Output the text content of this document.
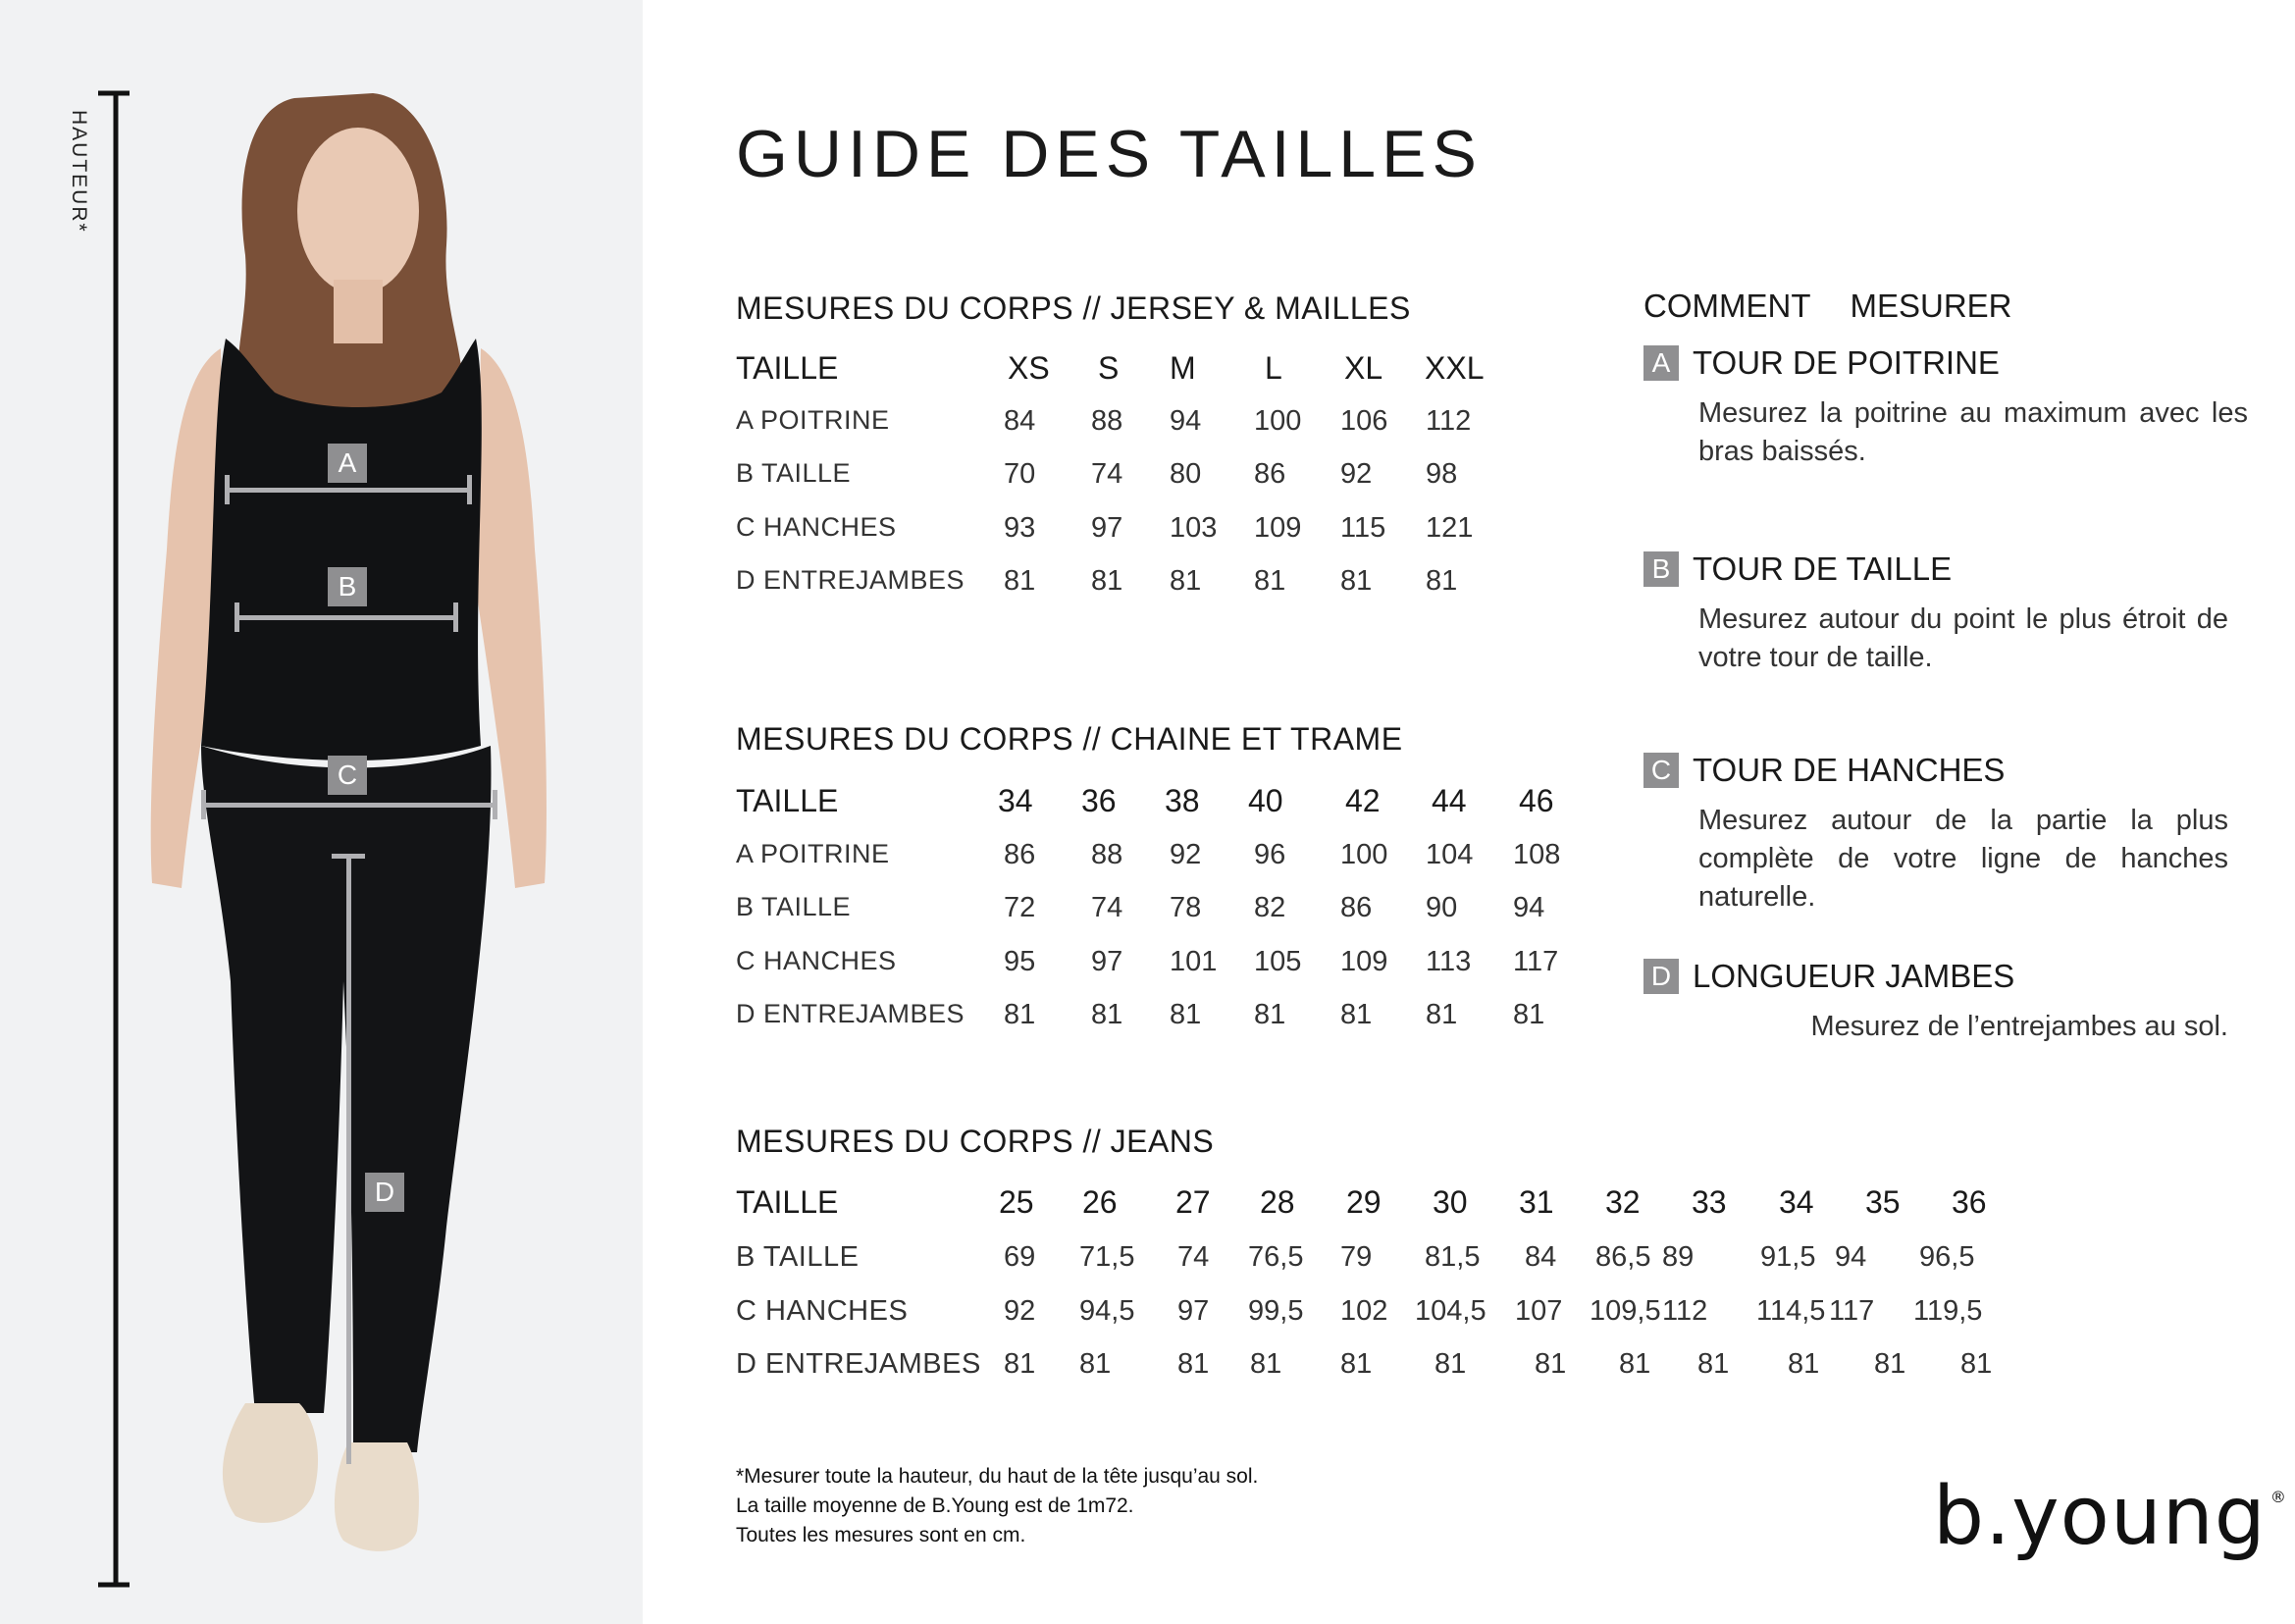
HAUTEUR*
A
B
C
D
GUIDE DES TAILLES
MESURES DU CORPS // JERSEY & MAILLES
TAILLE	XS S M L XL XXL
A POITRINE	84 88 94 100 106 112
B TAILLE	70 74 80 86 92 98
C HANCHES	93 97 103 109 115 121
D ENTREJAMBES 81 81 81 81 81 81
MESURES DU CORPS // CHAINE ET TRAME
TAILLE	34 36 38 40 42 44 46
A POITRINE	86 88 92 96 100 104 108
B TAILLE	72 74 78 82 86 90 94
C HANCHES	95 97 101 105 109 113 117
D ENTREJAMBES 81 81 81 81 81 81 81
MESURES DU CORPS // JEANS
TAILLE	25 26 27 28 29 30 31 32 33 34 35 36
B TAILLE	69 71,5 74 76,5 79 81,5 84 86,5 89 91,5 94 96,5
C HANCHES	92 94,5 97 99,5 102 104,5 107 109,5 112 114,5 117 119,5
D ENTREJAMBES 81 81 81 81 81 81 81 81 81 81 81 81
COMMENT MESURER
A TOUR DE POITRINE
Mesurez la poitrine au maximum avec les bras baissés.
B TOUR DE TAILLE
Mesurez autour du point le plus étroit de votre tour de taille.
C TOUR DE HANCHES
Mesurez autour de la partie la plus complète de votre ligne de hanches naturelle.
D LONGUEUR JAMBES
Mesurez de l’entrejambes au sol.
*Mesurer toute la hauteur, du haut de la tête jusqu’au sol.
La taille moyenne de B.Young est de 1m72.
Toutes les mesures sont en cm.	b.young ®
